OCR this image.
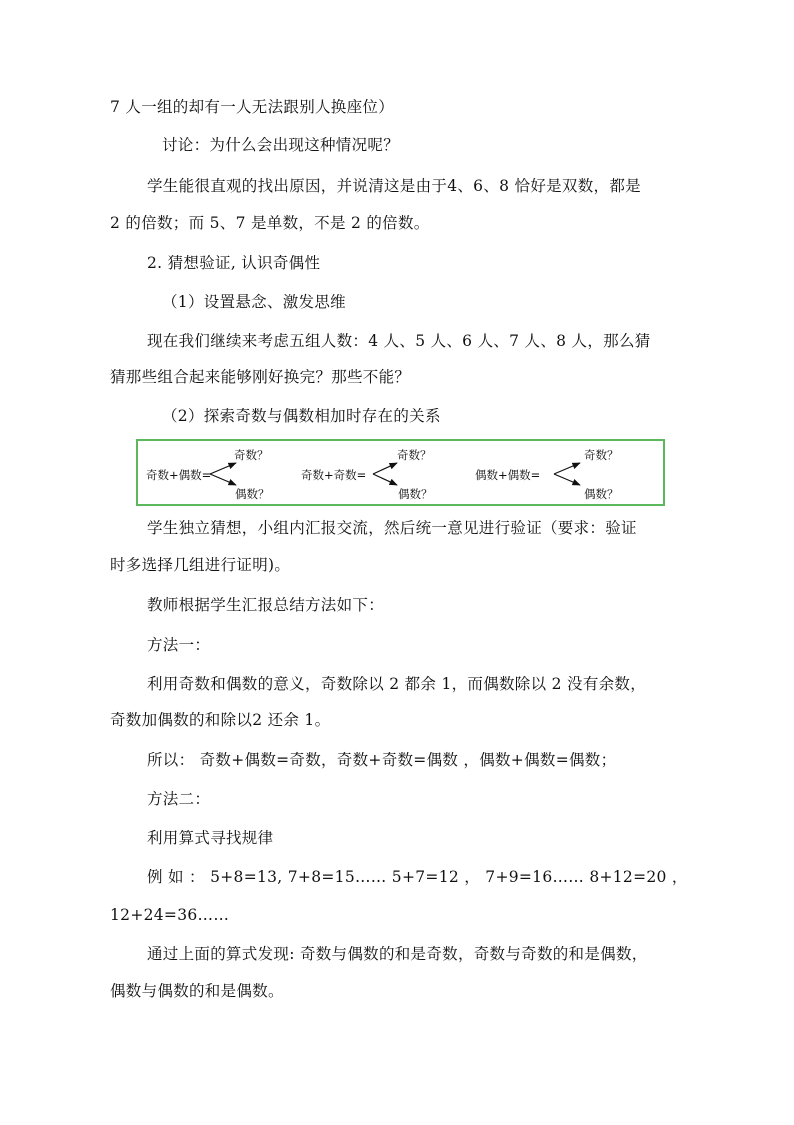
7 人一组的却有一人无法跟别人换座位）
讨论：为什么会出现这种情况呢？
学生能很直观的找出原因，并说清这是由于4、6、8 恰好是双数，都是
2 的倍数；而 5、7 是单数，不是 2 的倍数。
2. 猜想验证, 认识奇偶性
（1）设置悬念、激发思维
现在我们继续来考虑五组人数：4 人、5 人、6 人、7 人、8 人，那么猜
猜那些组合起来能够刚好换完？那些不能？
（2）探索奇数与偶数相加时存在的关系
奇数+偶数=
奇数？
偶数？
奇数+奇数=
奇数？
偶数？
偶数+偶数=
奇数？
偶数？
学生独立猜想，小组内汇报交流，然后统一意见进行验证（要求：验证
时多选择几组进行证明)。
教师根据学生汇报总结方法如下：
方法一：
利用奇数和偶数的意义，奇数除以 2 都余 1，而偶数除以 2 没有余数，
奇数加偶数的和除以2 还余 1。
所以： 奇数+偶数=奇数，奇数+奇数=偶数 ，偶数+偶数=偶数；
方法二：
利用算式寻找规律
例 如 ： 5+8=13, 7+8=15…… 5+7=12 ， 7+9=16…… 8+12=20 ，
12+24=36……
通过上面的算式发现: 奇数与偶数的和是奇数，奇数与奇数的和是偶数，
偶数与偶数的和是偶数。
